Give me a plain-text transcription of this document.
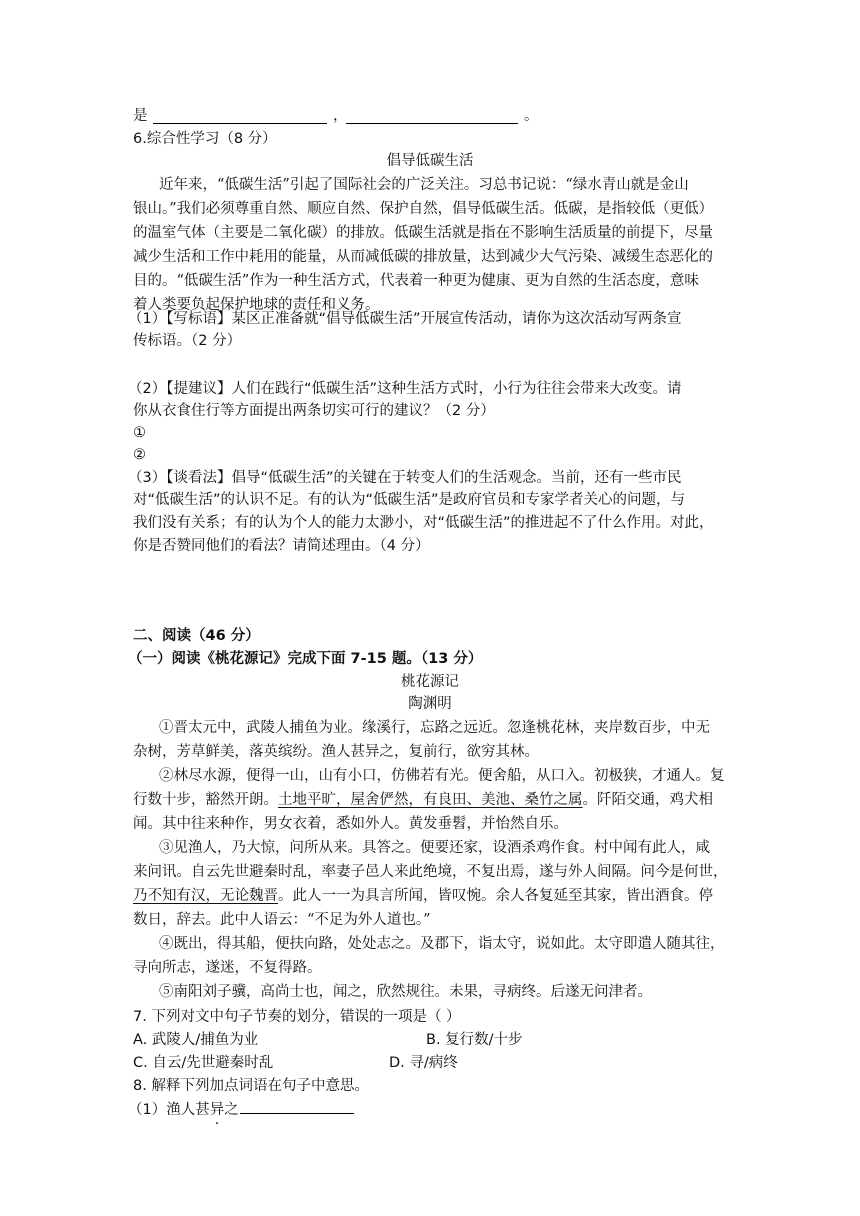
是	，	。
6.综合性学习（8 分）
倡导低碳生活
近年来，“低碳生活”引起了国际社会的广泛关注。习总书记说：“绿水青山就是金山
银山。”我们必须尊重自然、顺应自然、保护自然，倡导低碳生活。低碳，是指较低（更低）
的温室气体（主要是二氧化碳）的排放。低碳生活就是指在不影响生活质量的前提下，尽量
减少生活和工作中耗用的能量，从而减低碳的排放量，达到减少大气污染、减缓生态恶化的
目的。“低碳生活”作为一种生活方式，代表着一种更为健康、更为自然的生活态度，意味
着人类要负起保护地球的责任和义务。
（1）【写标语】某区正准备就“倡导低碳生活”开展宣传活动，请你为这次活动写两条宣
传标语。（2 分）
（2）【提建议】人们在践行“低碳生活”这种生活方式时，小行为往往会带来大改变。请
你从衣食住行等方面提出两条切实可行的建议？（2 分）
①
②
（3）【谈看法】倡导“低碳生活”的关键在于转变人们的生活观念。当前，还有一些市民
对“低碳生活”的认识不足。有的认为“低碳生活”是政府官员和专家学者关心的问题，与
我们没有关系；有的认为个人的能力太渺小，对“低碳生活”的推进起不了什么作用。对此，
你是否赞同他们的看法？请简述理由。（4 分）
二、阅读（46 分）
（一）阅读《桃花源记》完成下面 7-15 题。（13 分）
桃花源记
陶渊明
①晋太元中，武陵人捕鱼为业。缘溪行，忘路之远近。忽逢桃花林，夹岸数百步，中无
杂树，芳草鲜美，落英缤纷。渔人甚异之，复前行，欲穷其林。
②林尽水源，便得一山，山有小口，仿佛若有光。便舍船，从口入。初极狭，才通人。复
行数十步，豁然开朗。土地平旷，屋舍俨然，有良田、美池、桑竹之属。阡陌交通，鸡犬相
闻。其中往来种作，男女衣着，悉如外人。黄发垂髫，并怡然自乐。
③见渔人，乃大惊，问所从来。具答之。便要还家，设酒杀鸡作食。村中闻有此人，咸
来问讯。自云先世避秦时乱，率妻子邑人来此绝境，不复出焉，遂与外人间隔。问今是何世，
乃不知有汉，无论魏晋。此人一一为具言所闻，皆叹惋。余人各复延至其家，皆出酒食。停
数日，辞去。此中人语云：“不足为外人道也。”
④既出，得其船，便扶向路，处处志之。及郡下，诣太守，说如此。太守即遣人随其往，
寻向所志，遂迷，不复得路。
⑤南阳刘子骥，高尚士也，闻之，欣然规往。未果，寻病终。后遂无问津者。
7. 下列对文中句子节奏的划分，错误的一项是（ ）
A. 武陵人/捕鱼为业	B. 复行数/十步
C. 自云/先世避秦时乱	D. 寻/病终
8. 解释下列加点词语在句子中意思。
（1）渔人甚异之
